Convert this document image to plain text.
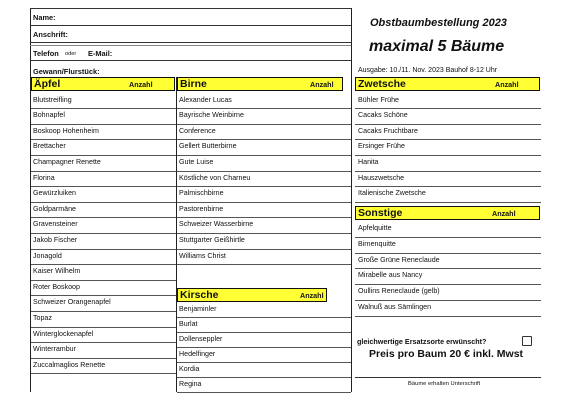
Name:
Anschrift:
Telefon oder E-Mail:
Gewann/Flurstück:
Obstbaumbestellung 2023
maximal 5 Bäume
Ausgabe: 10./11. Nov. 2023 Bauhof 8-12 Uhr
Äpfel	Anzahl
Blutstreifling
Bohnapfel
Boskoop Hohenheim
Brettacher
Champagner Renette
Florina
Gewürzluiken
Goldparmäne
Gravensteiner
Jakob Fischer
Jonagold
Kaiser Wilhelm
Roter Boskoop
Schweizer Orangenapfel
Topaz
Winterglockenapfel
Winterrambur
Zuccalmaglios Renette
Birne	Anzahl
Alexander Lucas
Bayrische Weinbirne
Conference
Gellert Butterbirne
Gute Luise
Köstliche von Charneu
Palmischbirne
Pastorenbirne
Schweizer Wasserbirne
Stuttgarter Geißhirtle
Williams Christ
Kirsche	Anzahl
Benjaminler
Burlat
Dollenseppler
Hedelfinger
Kordia
Regina
Zwetsche	Anzahl
Bühler Frühe
Cacaks Schöne
Cacaks Fruchtbare
Ersinger Frühe
Hanita
Hauszwetsche
Italienische Zwetsche
Sonstige	Anzahl
Apfelquitte
Birnenquitte
Große Grüne Reneclaude
Mirabelle aus Nancy
Oullins Reneclaude (gelb)
Walnuß aus Sämlingen
gleichwertige Ersatzsorte erwünscht?
Preis pro Baum 20 € inkl. Mwst
Bäume erhalten Unterschrift
